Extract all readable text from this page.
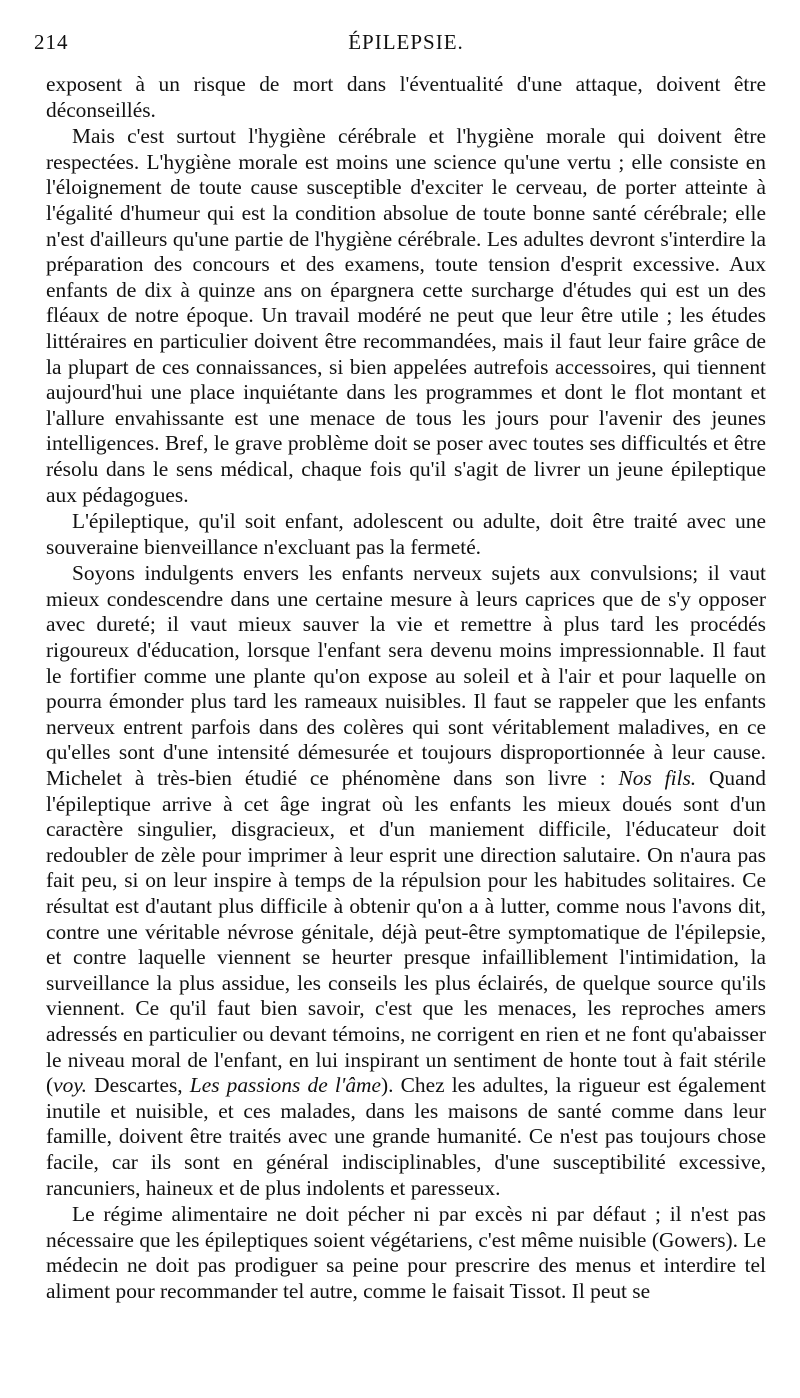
214	ÉPILEPSIE.

exposent à un risque de mort dans l'éventualité d'une attaque, doivent être déconseillés.

Mais c'est surtout l'hygiène cérébrale et l'hygiène morale qui doivent être respectées. L'hygiène morale est moins une science qu'une vertu ; elle consiste en l'éloignement de toute cause susceptible d'exciter le cerveau, de porter atteinte à l'égalité d'humeur qui est la condition absolue de toute bonne santé cérébrale; elle n'est d'ailleurs qu'une partie de l'hygiène cérébrale. Les adultes devront s'interdire la préparation des concours et des examens, toute tension d'esprit excessive. Aux enfants de dix à quinze ans on épargnera cette surcharge d'études qui est un des fléaux de notre époque. Un travail modéré ne peut que leur être utile ; les études littéraires en particulier doivent être recommandées, mais il faut leur faire grâce de la plupart de ces connaissances, si bien appelées autrefois accessoires, qui tiennent aujourd'hui une place inquiétante dans les programmes et dont le flot montant et l'allure envahissante est une menace de tous les jours pour l'avenir des jeunes intelligences. Bref, le grave problème doit se poser avec toutes ses difficultés et être résolu dans le sens médical, chaque fois qu'il s'agit de livrer un jeune épileptique aux pédagogues.

L'épileptique, qu'il soit enfant, adolescent ou adulte, doit être traité avec une souveraine bienveillance n'excluant pas la fermeté.

Soyons indulgents envers les enfants nerveux sujets aux convulsions; il vaut mieux condescendre dans une certaine mesure à leurs caprices que de s'y opposer avec dureté; il vaut mieux sauver la vie et remettre à plus tard les procédés rigoureux d'éducation, lorsque l'enfant sera devenu moins impressionnable. Il faut le fortifier comme une plante qu'on expose au soleil et à l'air et pour laquelle on pourra émonder plus tard les rameaux nuisibles. Il faut se rappeler que les enfants nerveux entrent parfois dans des colères qui sont véritablement maladives, en ce qu'elles sont d'une intensité démesurée et toujours disproportionnée à leur cause. Michelet à très-bien étudié ce phénomène dans son livre : Nos fils. Quand l'épileptique arrive à cet âge ingrat où les enfants les mieux doués sont d'un caractère singulier, disgracieux, et d'un maniement difficile, l'éducateur doit redoubler de zèle pour imprimer à leur esprit une direction salutaire. On n'aura pas fait peu, si on leur inspire à temps de la répulsion pour les habitudes solitaires. Ce résultat est d'autant plus difficile à obtenir qu'on a à lutter, comme nous l'avons dit, contre une véritable névrose génitale, déjà peut-être symptomatique de l'épilepsie, et contre laquelle viennent se heurter presque infailliblement l'intimidation, la surveillance la plus assidue, les conseils les plus éclairés, de quelque source qu'ils viennent. Ce qu'il faut bien savoir, c'est que les menaces, les reproches amers adressés en particulier ou devant témoins, ne corrigent en rien et ne font qu'abaisser le niveau moral de l'enfant, en lui inspirant un sentiment de honte tout à fait stérile (voy. Descartes, Les passions de l'âme). Chez les adultes, la rigueur est également inutile et nuisible, et ces malades, dans les maisons de santé comme dans leur famille, doivent être traités avec une grande humanité. Ce n'est pas toujours chose facile, car ils sont en général indisciplinables, d'une susceptibilité excessive, rancuniers, haineux et de plus indolents et paresseux.

Le régime alimentaire ne doit pécher ni par excès ni par défaut ; il n'est pas nécessaire que les épileptiques soient végétariens, c'est même nuisible (Gowers). Le médecin ne doit pas prodiguer sa peine pour prescrire des menus et interdire tel aliment pour recommander tel autre, comme le faisait Tissot. Il peut se
